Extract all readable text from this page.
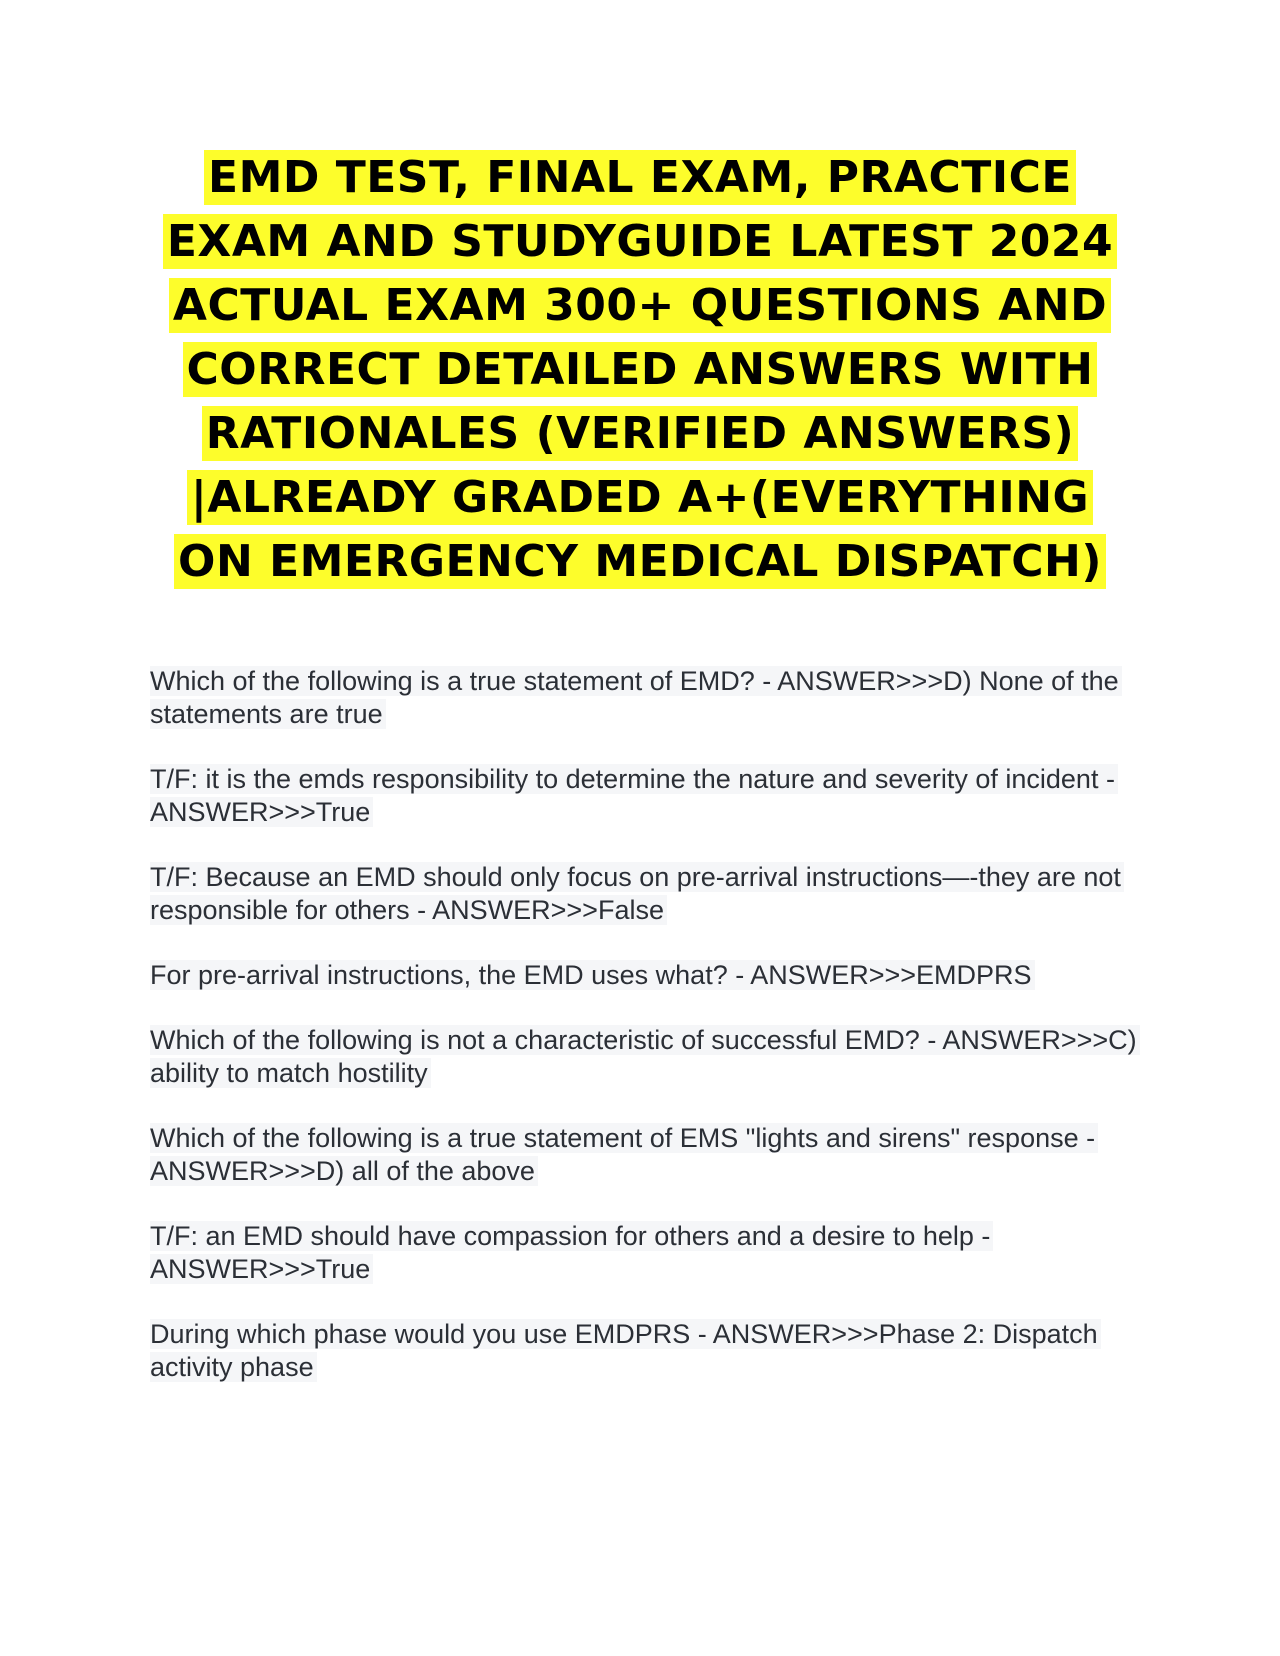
EMD TEST, FINAL EXAM, PRACTICE EXAM AND STUDYGUIDE LATEST 2024 ACTUAL EXAM 300+ QUESTIONS AND CORRECT DETAILED ANSWERS WITH RATIONALES (VERIFIED ANSWERS) |ALREADY GRADED A+(EVERYTHING ON EMERGENCY MEDICAL DISPATCH)
Which of the following is a true statement of EMD? - ANSWER>>>D) None of the statements are true
T/F: it is the emds responsibility to determine the nature and severity of incident - ANSWER>>>True
T/F: Because an EMD should only focus on pre-arrival instructions—-they are not responsible for others - ANSWER>>>False
For pre-arrival instructions, the EMD uses what? - ANSWER>>>EMDPRS
Which of the following is not a characteristic of successful EMD? - ANSWER>>>C) ability to match hostility
Which of the following is a true statement of EMS "lights and sirens" response - ANSWER>>>D) all of the above
T/F: an EMD should have compassion for others and a desire to help - ANSWER>>>True
During which phase would you use EMDPRS - ANSWER>>>Phase 2: Dispatch activity phase
